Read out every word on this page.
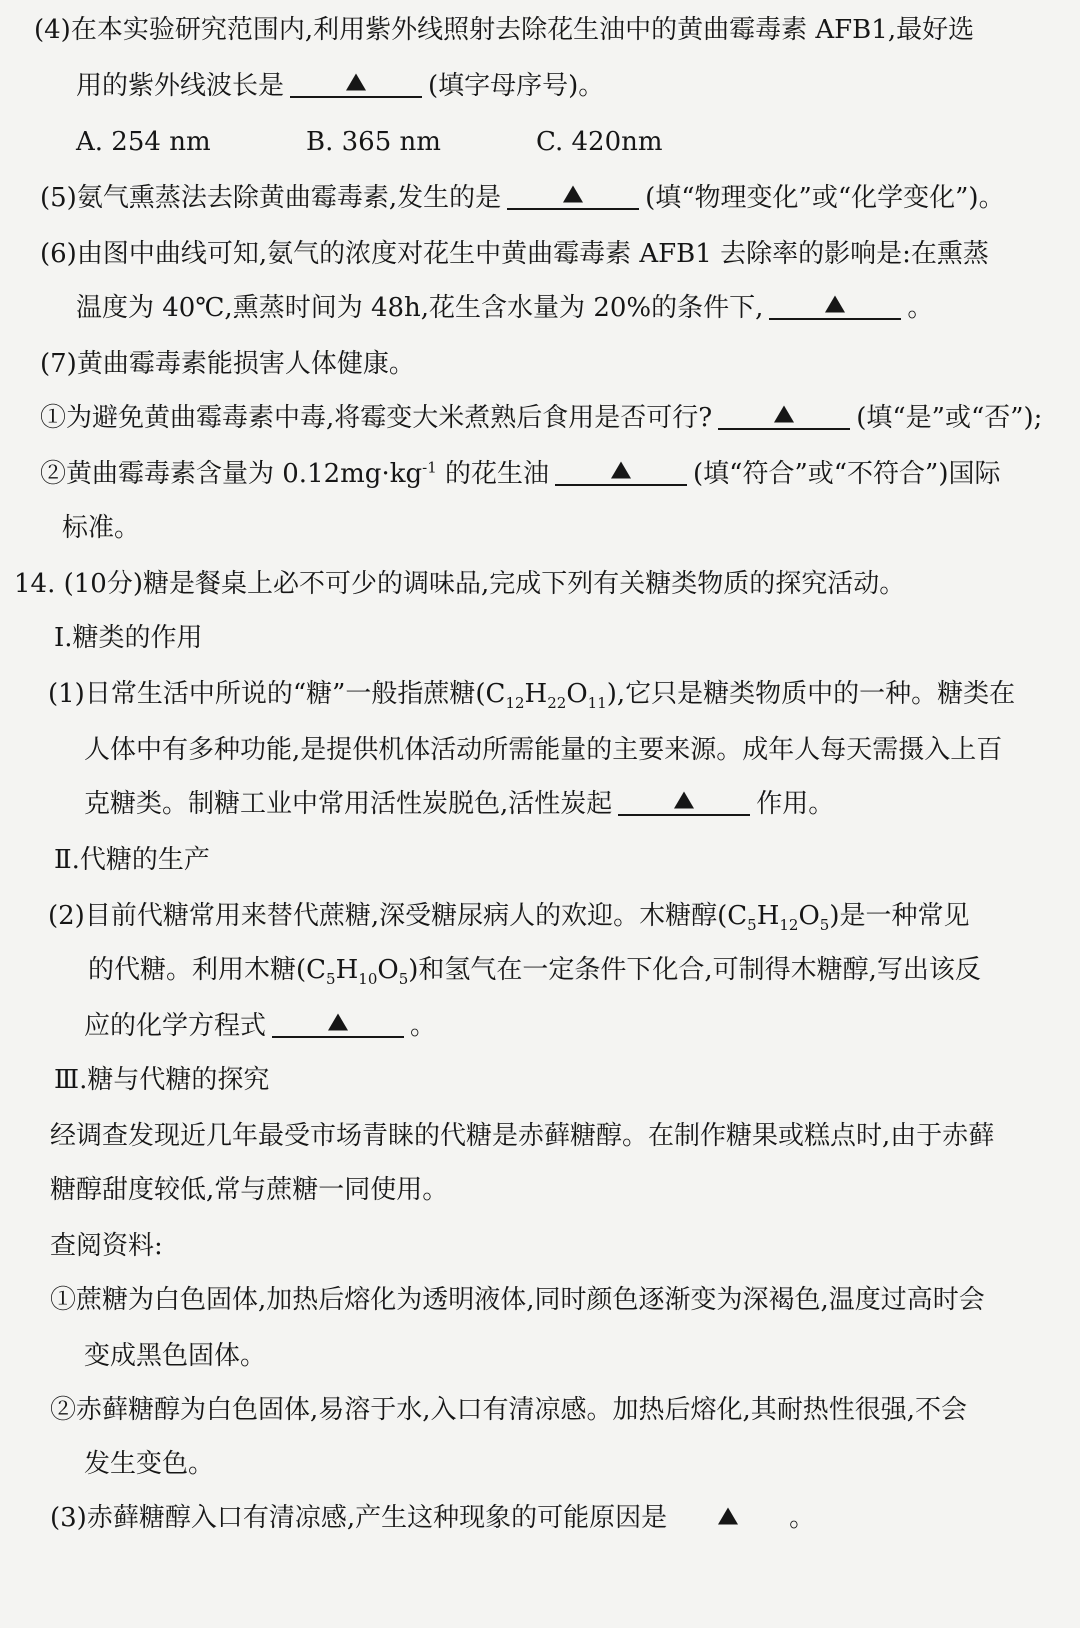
(4)在本实验研究范围内,利用紫外线照射去除花生油中的黄曲霉毒素 AFB1,最好选
用的紫外线波长是	(填字母序号)。
A. 254 nm	B. 365 nm	C. 420nm
(5)氨气熏蒸法去除黄曲霉毒素,发生的是	(填“物理变化”或“化学变化”)。
(6)由图中曲线可知,氨气的浓度对花生中黄曲霉毒素 AFB1 去除率的影响是:在熏蒸
温度为 40℃,熏蒸时间为 48h,花生含水量为 20%的条件下,	。
(7)黄曲霉毒素能损害人体健康。
①为避免黄曲霉毒素中毒,将霉变大米煮熟后食用是否可行?	(填“是”或“否”);
②黄曲霉毒素含量为 $0.12mg\cdot kg^{-1}$ 的花生油	(填“符合”或“不符合”)国际
标准。
14. (10分)糖是餐桌上必不可少的调味品,完成下列有关糖类物质的探究活动。
Ⅰ.糖类的作用
(1)日常生活中所说的“糖”一般指蔗糖$(C_{12}H_{22}O_{11})$,它只是糖类物质中的一种。糖类在
人体中有多种功能,是提供机体活动所需能量的主要来源。成年人每天需摄入上百
克糖类。制糖工业中常用活性炭脱色,活性炭起	作用。
Ⅱ.代糖的生产
(2)目前代糖常用来替代蔗糖,深受糖尿病人的欢迎。木糖醇$(C_5H_{12}O_5)$是一种常见
的代糖。利用木糖$(C_5H_{10}O_5)$和氢气在一定条件下化合,可制得木糖醇,写出该反
应的化学方程式	。
Ⅲ.糖与代糖的探究
经调查发现近几年最受市场青睐的代糖是赤藓糖醇。在制作糖果或糕点时,由于赤藓
糖醇甜度较低,常与蔗糖一同使用。
查阅资料:
①蔗糖为白色固体,加热后熔化为透明液体,同时颜色逐渐变为深褐色,温度过高时会
变成黑色固体。
②赤藓糖醇为白色固体,易溶于水,入口有清凉感。加热后熔化,其耐热性很强,不会
发生变色。
(3)赤藓糖醇入口有清凉感,产生这种现象的可能原因是	。
